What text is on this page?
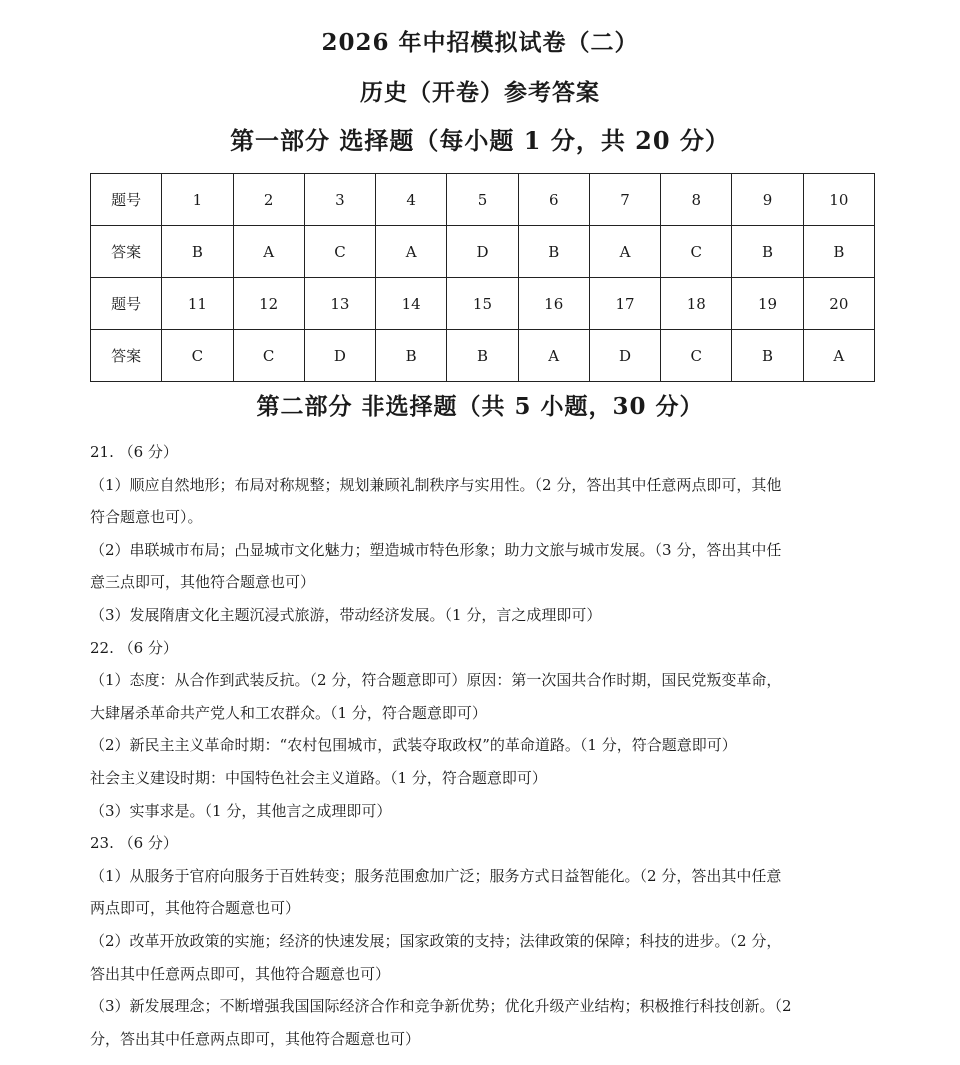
2026 年中招模拟试卷（二）
历史（开卷）参考答案
第一部分 选择题（每小题 1 分，共 20 分）
题号	1	2	3	4	5	6	7	8	9	10
答案	B	A	C	A	D	B	A	C	B	B
题号	11	12	13	14	15	16	17	18	19	20
答案	C	C	D	B	B	A	D	C	B	A
第二部分 非选择题（共 5 小题，30 分）
21. （6 分）
（1）顺应自然地形；布局对称规整；规划兼顾礼制秩序与实用性。（2 分，答出其中任意两点即可，其他
符合题意也可）。
（2）串联城市布局；凸显城市文化魅力；塑造城市特色形象；助力文旅与城市发展。（3 分，答出其中任
意三点即可，其他符合题意也可）
（3）发展隋唐文化主题沉浸式旅游，带动经济发展。（1 分，言之成理即可）
22. （6 分）
（1）态度：从合作到武装反抗。（2 分，符合题意即可）原因：第一次国共合作时期，国民党叛变革命，
大肆屠杀革命共产党人和工农群众。（1 分，符合题意即可）
（2）新民主主义革命时期：“农村包围城市，武装夺取政权”的革命道路。（1 分，符合题意即可）
社会主义建设时期：中国特色社会主义道路。（1 分，符合题意即可）
（3）实事求是。（1 分，其他言之成理即可）
23. （6 分）
（1）从服务于官府向服务于百姓转变；服务范围愈加广泛；服务方式日益智能化。（2 分，答出其中任意
两点即可，其他符合题意也可）
（2）改革开放政策的实施；经济的快速发展；国家政策的支持；法律政策的保障；科技的进步。（2 分，
答出其中任意两点即可，其他符合题意也可）
（3）新发展理念；不断增强我国国际经济合作和竞争新优势；优化升级产业结构；积极推行科技创新。（2
分，答出其中任意两点即可，其他符合题意也可）
